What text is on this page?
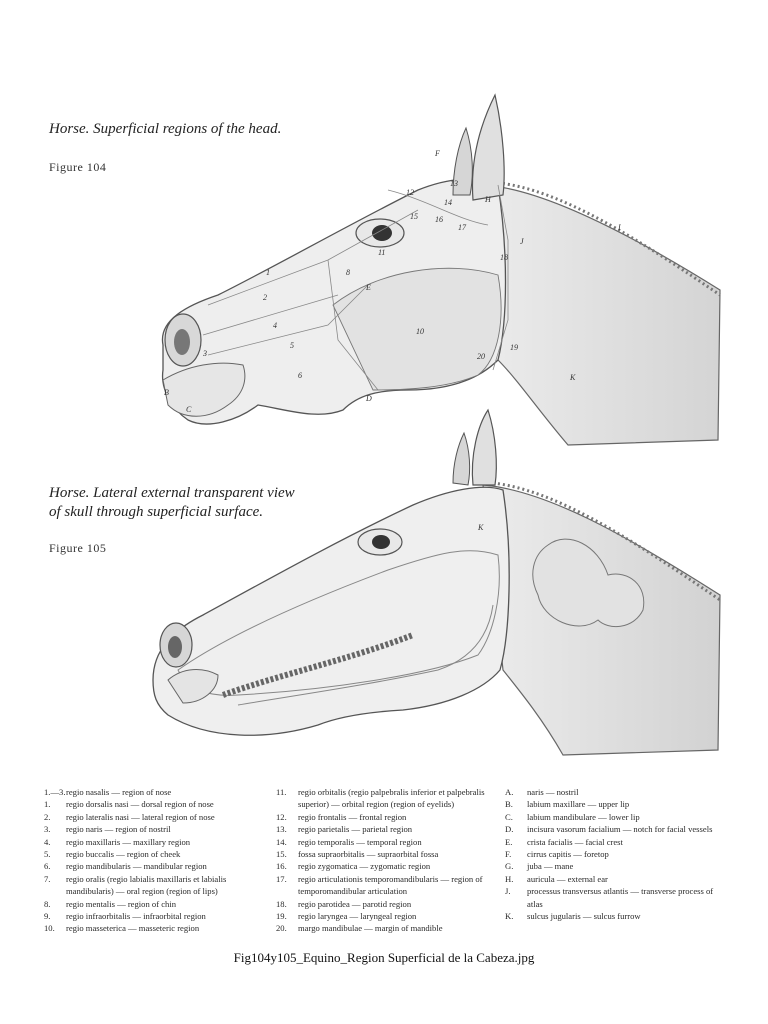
Horse. Superficial regions of the head.
Figure 104
1
2
3
4
5
6
8
10
11
12
13
14
15 16
17
18
19
20
B
C
D
E
F
H
I
J
K
Horse. Lateral external transparent view
of skull through superficial surface.
Figure 105
K
1.—3. regio nasalis — region of nose
1.	regio dorsalis nasi — dorsal region of nose
2.	regio lateralis nasi — lateral region of nose
3.	regio naris — region of nostril
4.	regio maxillaris — maxillary region
5.	regio buccalis — region of cheek
6.	regio mandibularis — mandibular region
7.	regio oralis (regio labialis maxillaris et labialis mandibularis) — oral region (region of lips)
8.	regio mentalis — region of chin
9.	regio infraorbitalis — infraorbital region
10.	regio masseterica — masseteric region
11.	regio orbitalis (regio palpebralis inferior et palpebralis superior) — orbital region (region of eyelids)
12.	regio frontalis — frontal region
13.	regio parietalis — parietal region
14.	regio temporalis — temporal region
15.	fossa supraorbitalis — supraorbital fossa
16.	regio zygomatica — zygomatic region
17.	regio articulationis temporomandibularis — region of temporomandibular articulation
18.	regio parotidea — parotid region
19.	regio laryngea — laryngeal region
20.	margo mandibulae — margin of mandible
A.	naris — nostril
B.	labium maxillare — upper lip
C.	labium mandibulare — lower lip
D.	incisura vasorum facialium — notch for facial vessels
E.	crista facialis — facial crest
F.	cirrus capitis — foretop
G.	juba — mane
H.	auricula — external ear
J.	processus transversus atlantis — transverse process of atlas
K.	sulcus jugularis — sulcus furrow
Fig104y105_Equino_Region Superficial de la Cabeza.jpg
